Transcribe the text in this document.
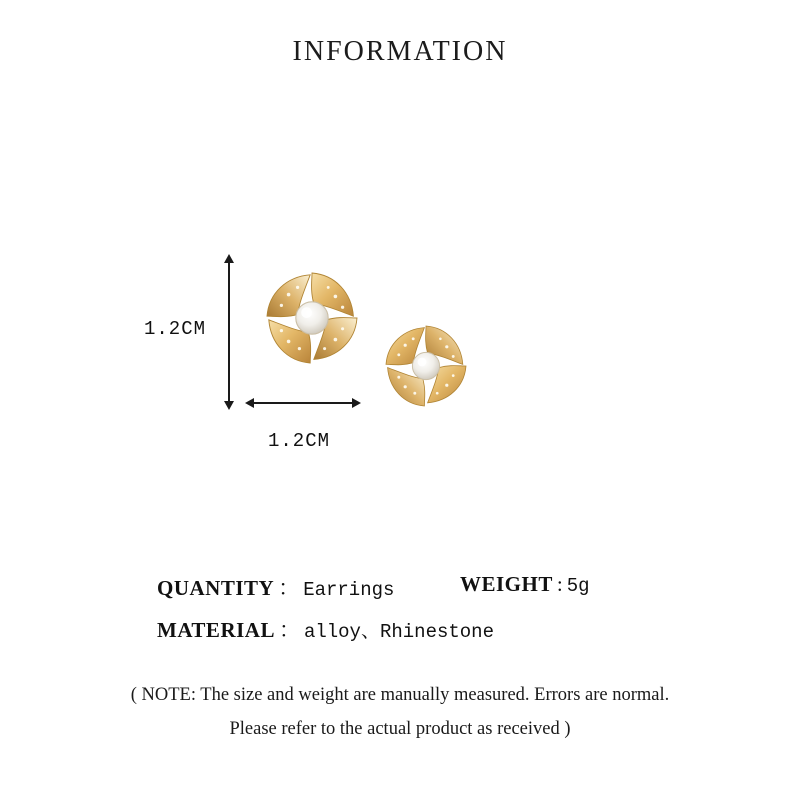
INFORMATION
1.2CM
1.2CM
QUANTITY ： Earrings	WEIGHT : 5g
MATERIAL ： alloy、Rhinestone
( NOTE: The size and weight are manually measured. Errors are normal.
Please refer to the actual product as received )
